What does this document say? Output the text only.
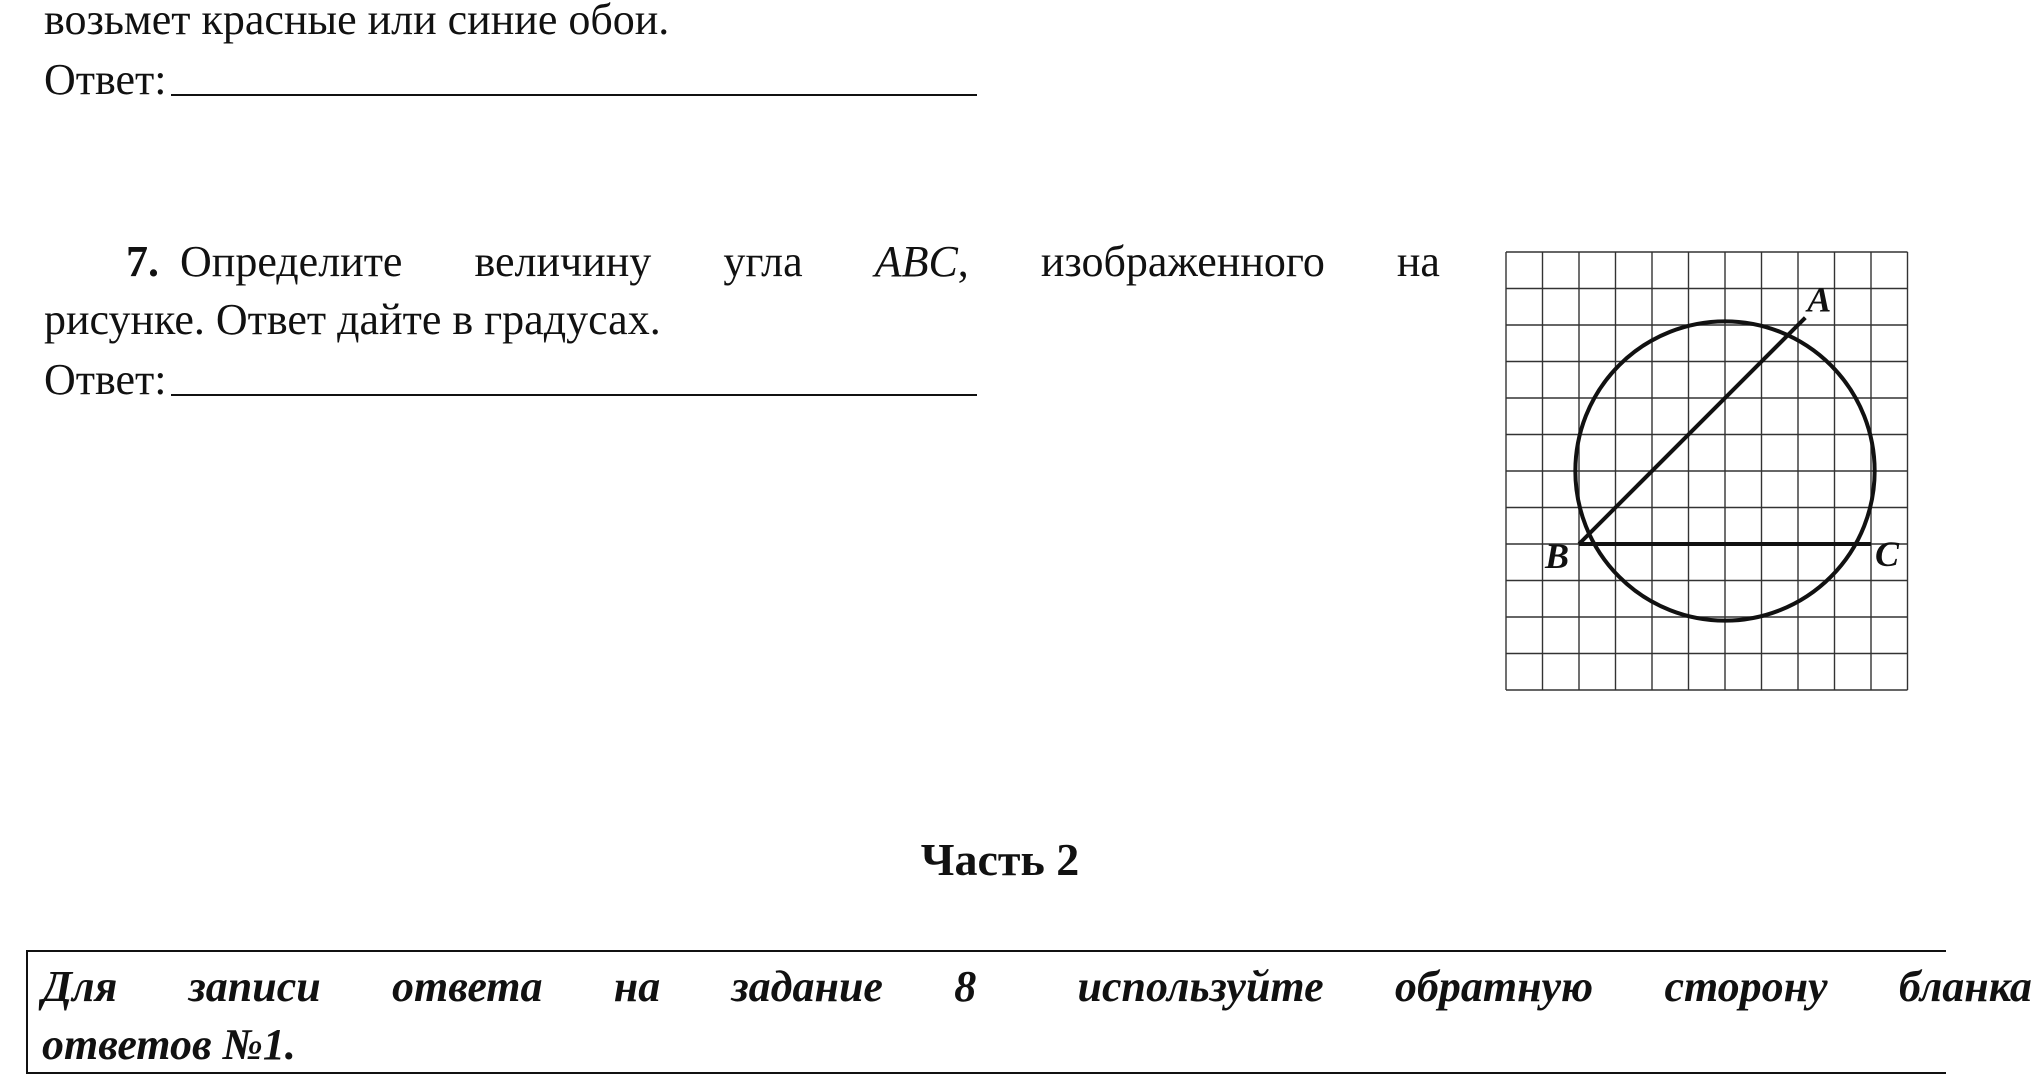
возьмет красные или синие обои.
Ответ:
7. Определите величину угла ABC, изображенного на
рисунке. Ответ дайте в градусах.
Ответ:
A
B	C
Часть 2
Для записи ответа на задание 8 используйте обратную сторону бланка
ответов №1.
